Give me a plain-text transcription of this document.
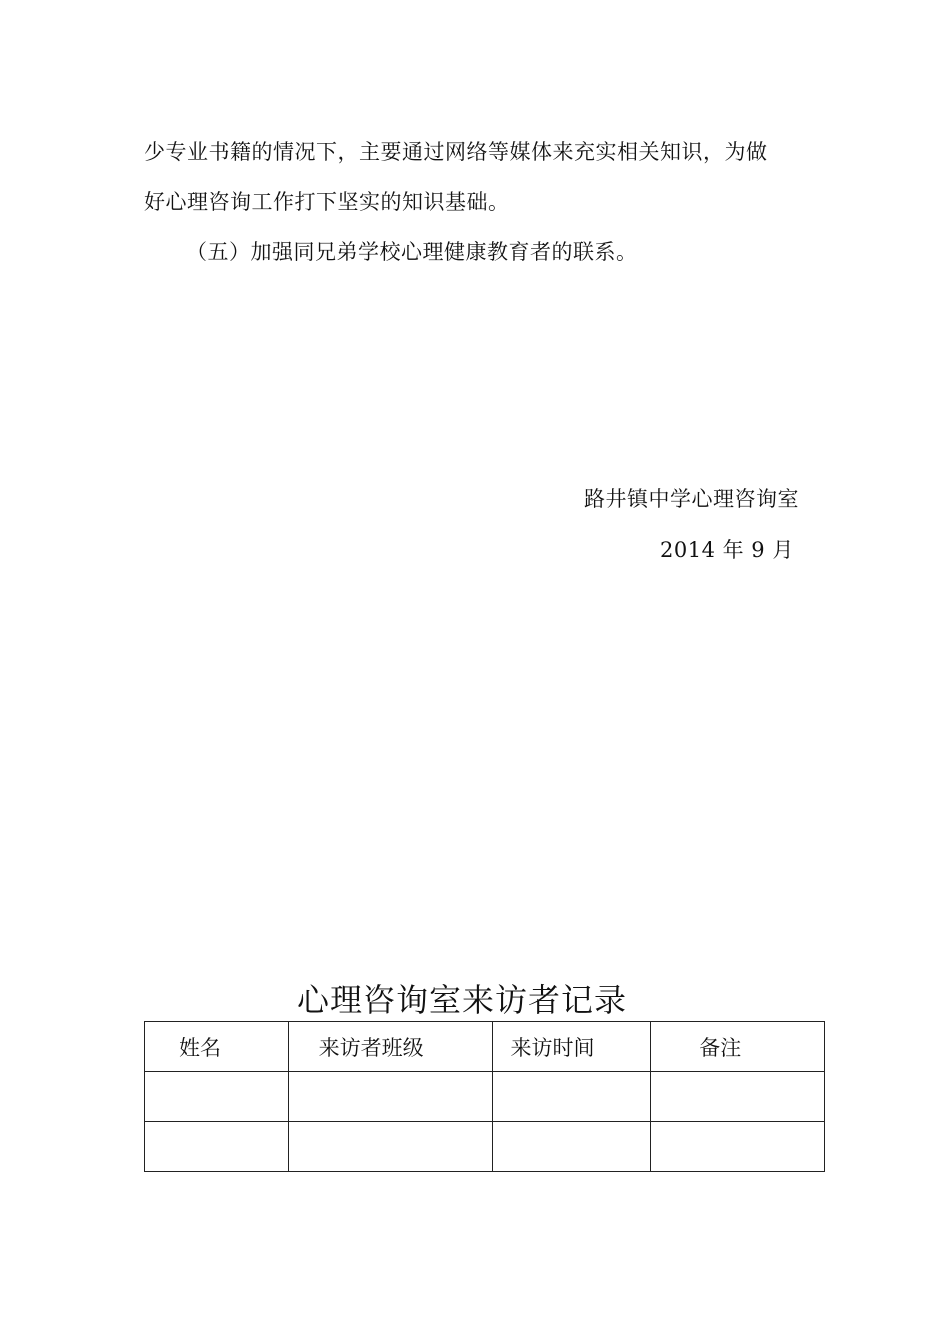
少专业书籍的情况下，主要通过网络等媒体来充实相关知识，为做
好心理咨询工作打下坚实的知识基础。
（五）加强同兄弟学校心理健康教育者的联系。
路井镇中学心理咨询室
2014 年 9 月
心理咨询室来访者记录
姓名	来访者班级	来访时间	备注
